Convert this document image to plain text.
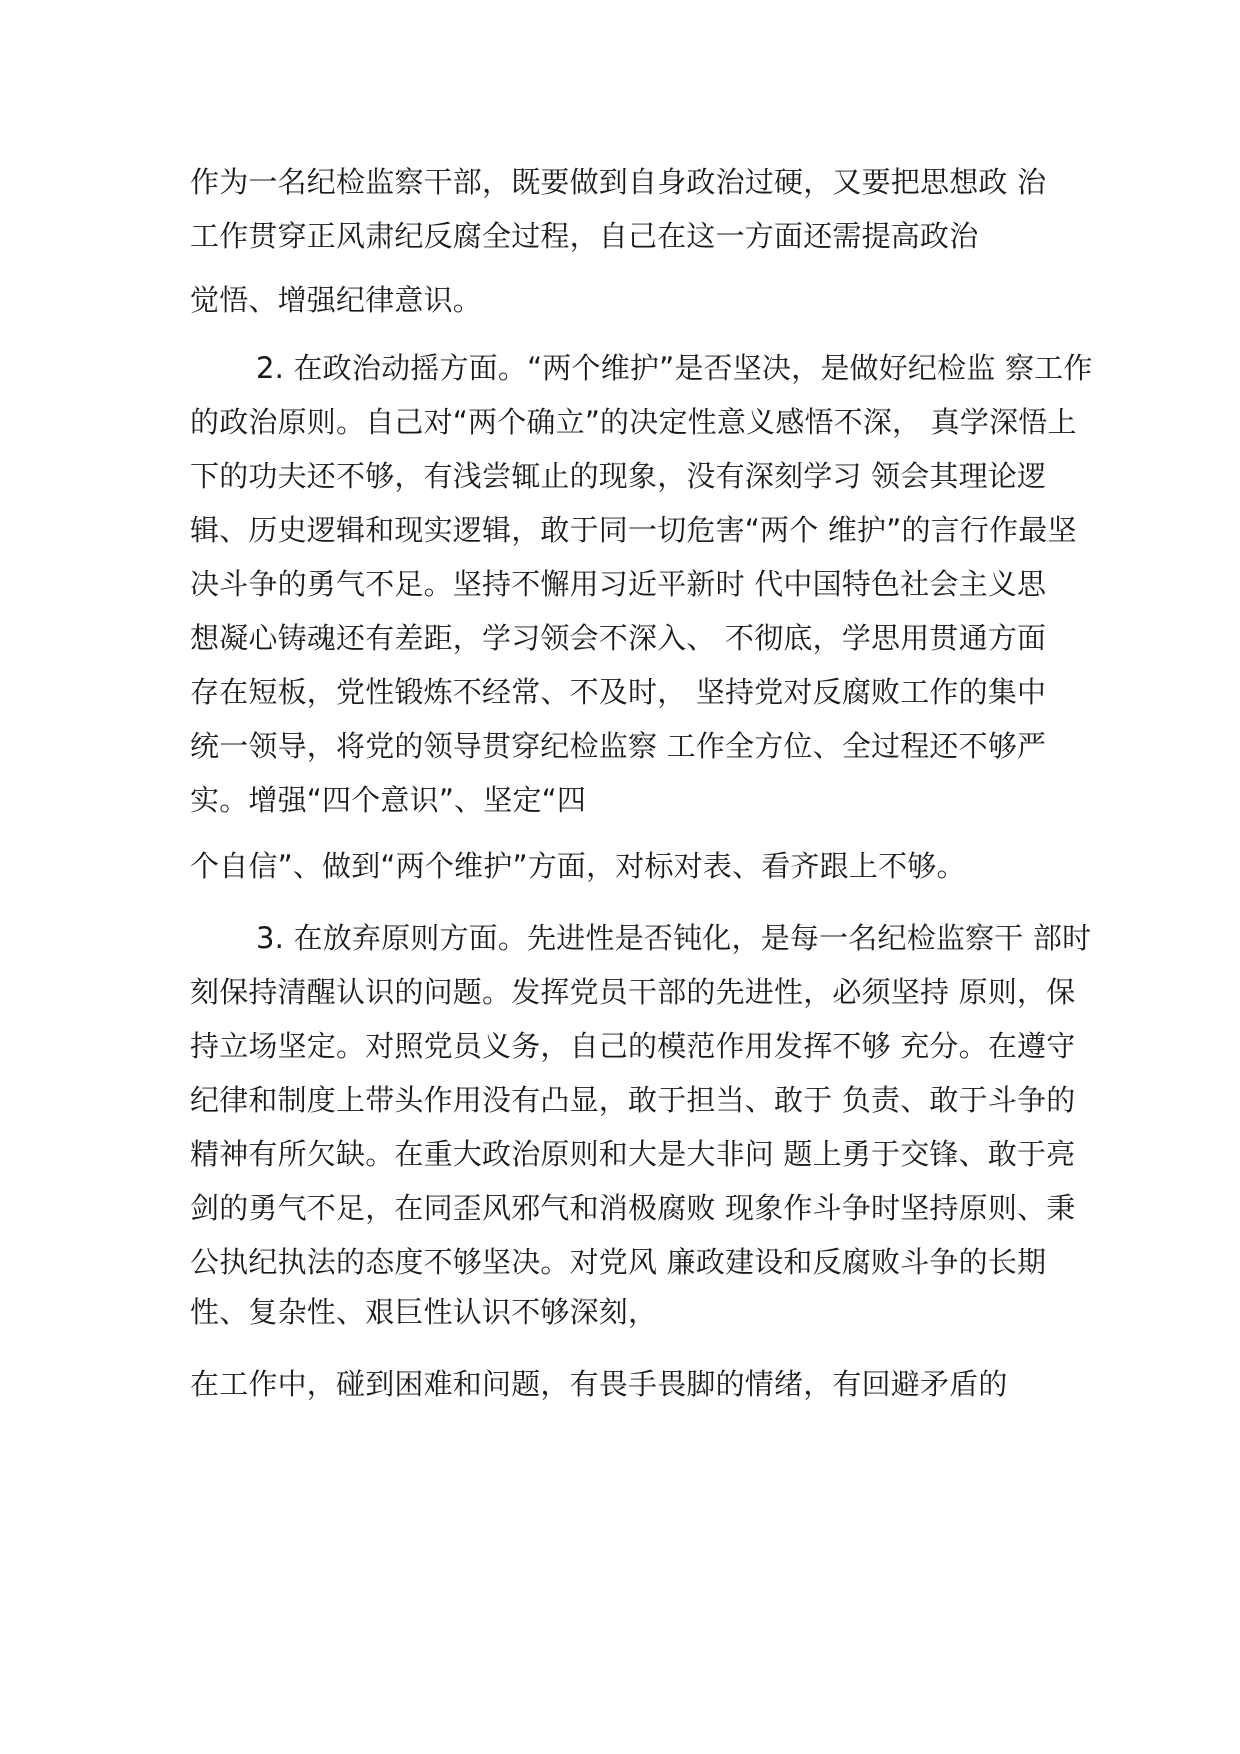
作为一名纪检监察干部，既要做到自身政治过硬，又要把思想政 治
工作贯穿正风肃纪反腐全过程，自己在这一方面还需提高政治
觉悟、增强纪律意识。
2. 在政治动摇方面。“两个维护”是否坚决，是做好纪检监 察工作
的政治原则。自己对“两个确立”的决定性意义感悟不深， 真学深悟上
下的功夫还不够，有浅尝辄止的现象，没有深刻学习 领会其理论逻
辑、历史逻辑和现实逻辑，敢于同一切危害“两个 维护”的言行作最坚
决斗争的勇气不足。坚持不懈用习近平新时 代中国特色社会主义思
想凝心铸魂还有差距，学习领会不深入、 不彻底，学思用贯通方面
存在短板，党性锻炼不经常、不及时， 坚持党对反腐败工作的集中
统一领导，将党的领导贯穿纪检监察 工作全方位、全过程还不够严
实。增强“四个意识”、坚定“四
个自信”、做到“两个维护”方面，对标对表、看齐跟上不够。
3. 在放弃原则方面。先进性是否钝化，是每一名纪检监察干 部时
刻保持清醒认识的问题。发挥党员干部的先进性，必须坚持 原则，保
持立场坚定。对照党员义务，自己的模范作用发挥不够 充分。在遵守
纪律和制度上带头作用没有凸显，敢于担当、敢于 负责、敢于斗争的
精神有所欠缺。在重大政治原则和大是大非问 题上勇于交锋、敢于亮
剑的勇气不足，在同歪风邪气和消极腐败 现象作斗争时坚持原则、秉
公执纪执法的态度不够坚决。对党风 廉政建设和反腐败斗争的长期
性、复杂性、艰巨性认识不够深刻，
在工作中，碰到困难和问题，有畏手畏脚的情绪，有回避矛盾的
